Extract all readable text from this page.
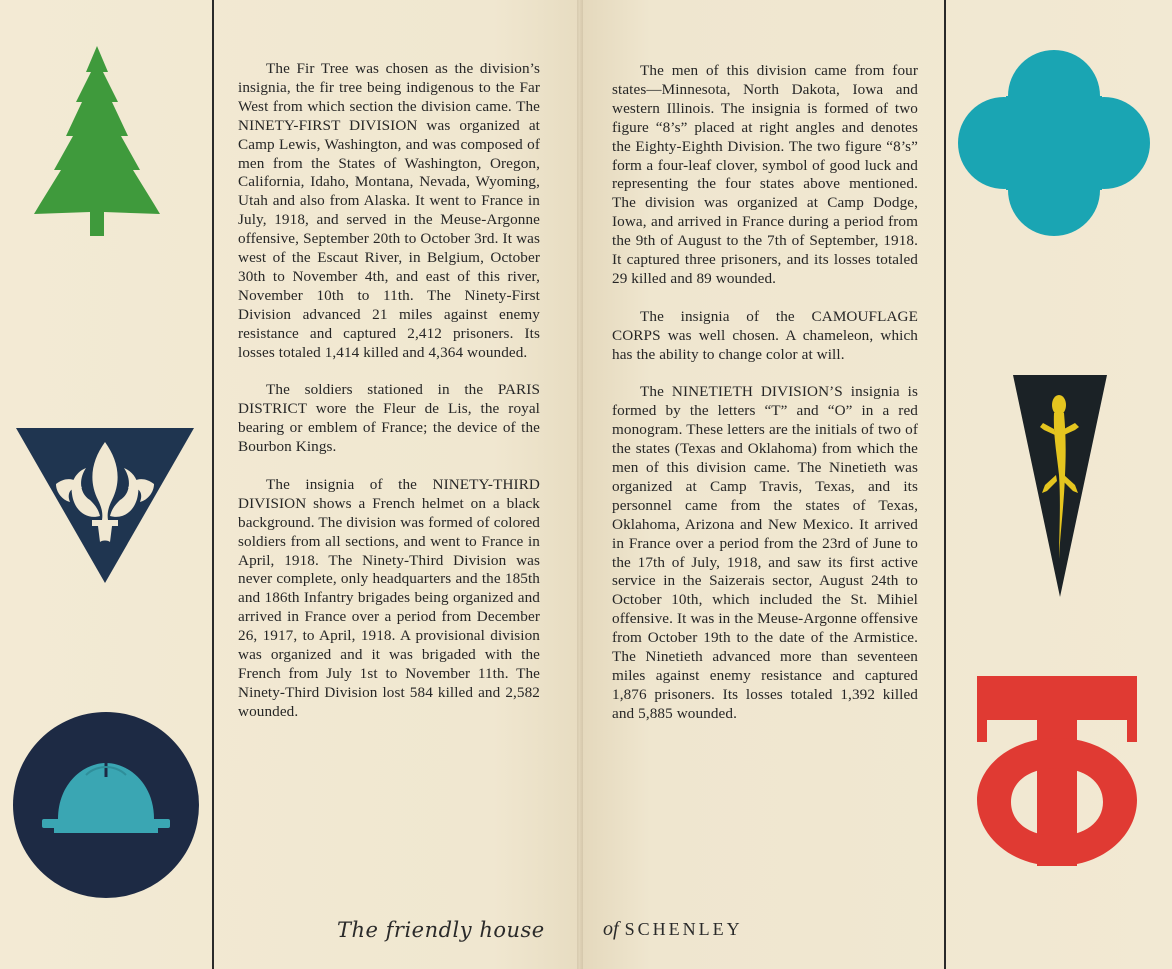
The Fir Tree was chosen as the division’s insignia, the fir tree being indigenous to the Far West from which section the division came. The NINETY-FIRST DIVISION was organized at Camp Lewis, Washington, and was composed of men from the States of Washington, Oregon, California, Idaho, Montana, Nevada, Wyoming, Utah and also from Alaska. It went to France in July, 1918, and served in the Meuse-Argonne offensive, September 20th to October 3rd. It was west of the Escaut River, in Belgium, October 30th to November 4th, and east of this river, November 10th to 11th. The Ninety-First Division advanced 21 miles against enemy resistance and captured 2,412 prisoners. Its losses totaled 1,414 killed and 4,364 wounded.

The soldiers stationed in the PARIS DISTRICT wore the Fleur de Lis, the royal bearing or emblem of France; the device of the Bourbon Kings.

The insignia of the NINETY-THIRD DIVISION shows a French helmet on a black background. The division was formed of colored soldiers from all sections, and went to France in April, 1918. The Ninety-Third Division was never complete, only headquarters and the 185th and 186th Infantry brigades being organized and arrived in France over a period from December 26, 1917, to April, 1918. A provisional division was organized and it was brigaded with the French from July 1st to November 11th. The Ninety-Third Division lost 584 killed and 2,582 wounded.

The men of this division came from four states—Minnesota, North Dakota, Iowa and western Illinois. The insignia is formed of two figure “8’s” placed at right angles and denotes the Eighty-Eighth Division. The two figure “8’s” form a four-leaf clover, symbol of good luck and representing the four states above mentioned. The division was organized at Camp Dodge, Iowa, and arrived in France during a period from the 9th of August to the 7th of September, 1918. It captured three prisoners, and its losses totaled 29 killed and 89 wounded.

The insignia of the CAMOUFLAGE CORPS was well chosen. A chameleon, which has the ability to change color at will.

The NINETIETH DIVISION’S insignia is formed by the letters “T” and “O” in a red monogram. These letters are the initials of two of the states (Texas and Oklahoma) from which the men of this division came. The Ninetieth was organized at Camp Travis, Texas, and its personnel came from the states of Texas, Oklahoma, Arizona and New Mexico. It arrived in France over a period from the 23rd of June to the 17th of July, 1918, and saw its first active service in the Saizerais sector, August 24th to October 10th, which included the St. Mihiel offensive. It was in the Meuse-Argonne offensive from October 19th to the date of the Armistice. The Ninetieth advanced more than seventeen miles against enemy resistance and captured 1,876 prisoners. Its losses totaled 1,392 killed and 5,885 wounded.

The friendly house	of SCHENLEY
